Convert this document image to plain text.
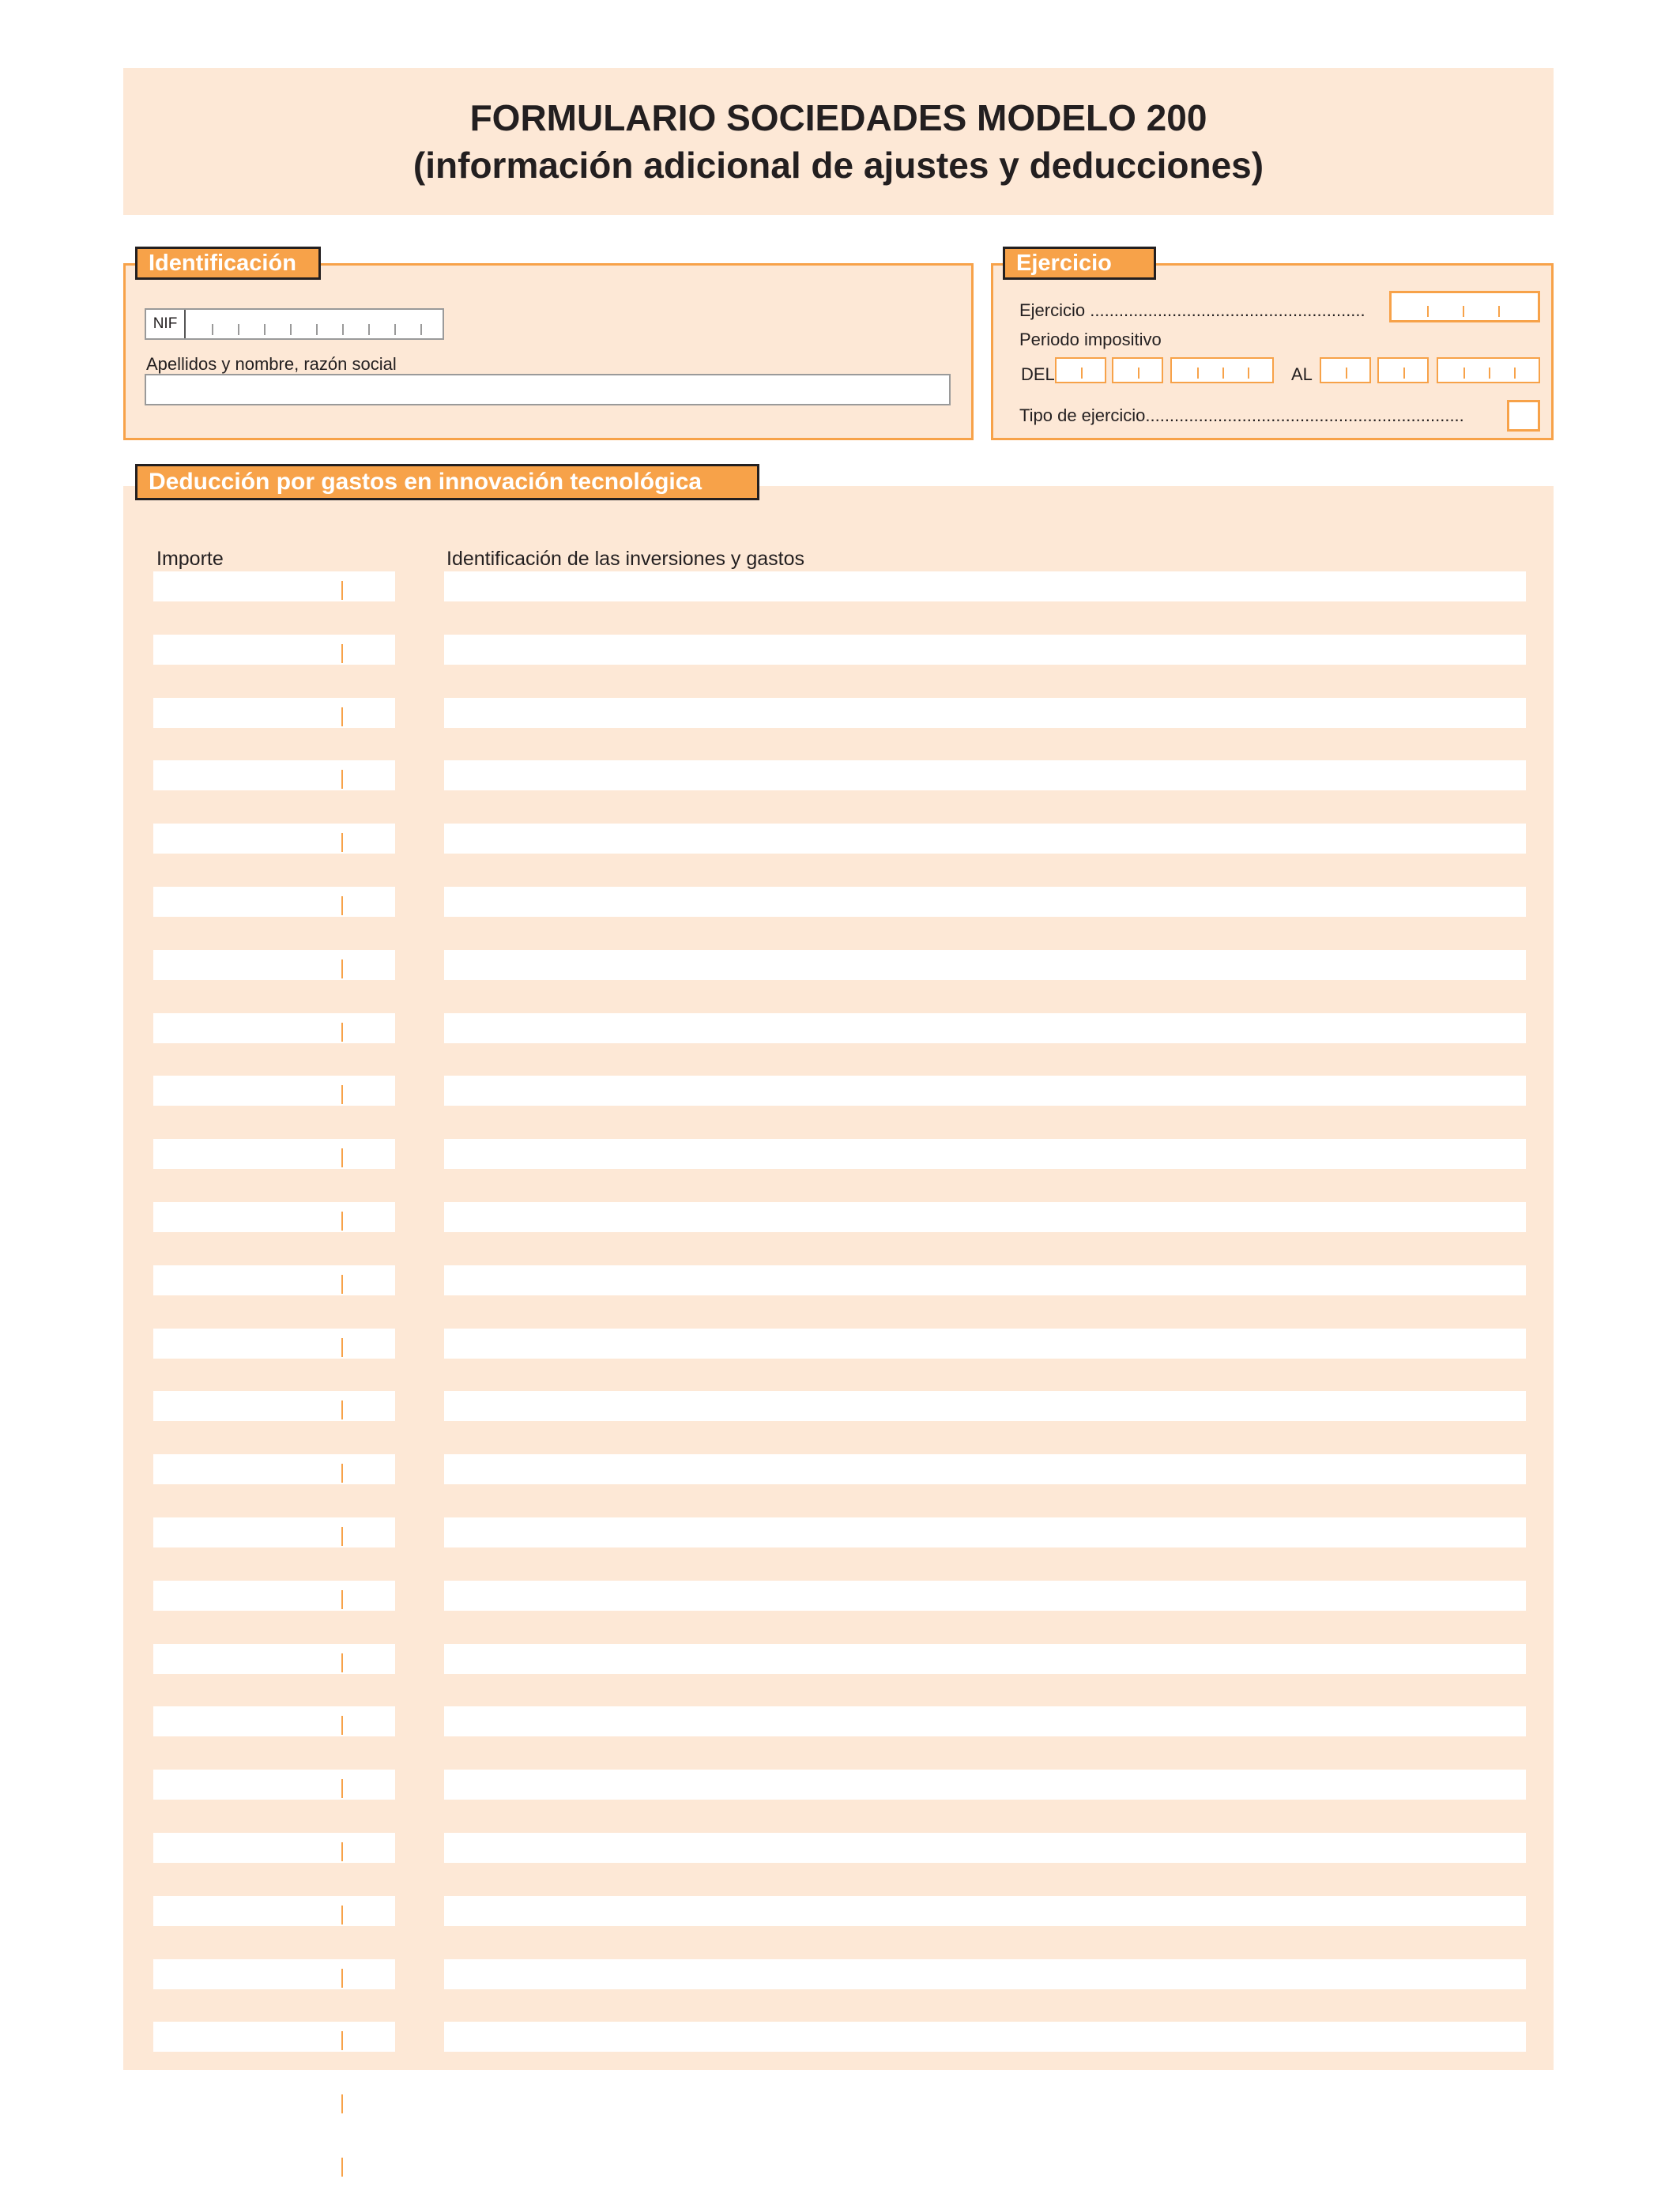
FORMULARIO SOCIEDADES MODELO 200
(información adicional de ajustes y deducciones)
Identificación
NIF
Apellidos y nombre, razón social
Ejercicio
Ejercicio .........................................................
Periodo impositivo
DEL	AL
Tipo de ejercicio..................................................................
Deducción por gastos en innovación tecnológica
Importe	Identificación de las inversiones y gastos
